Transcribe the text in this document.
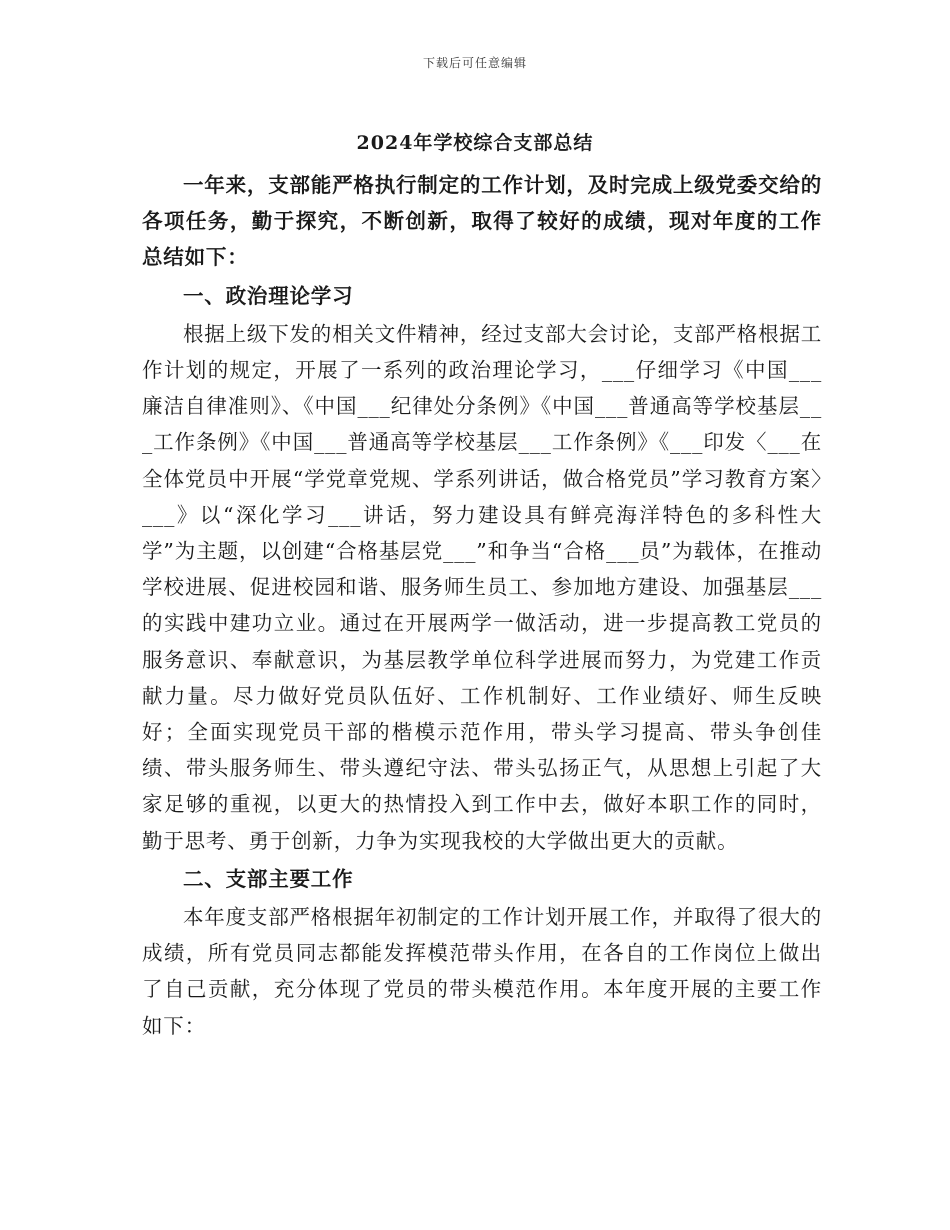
下载后可任意编辑
2024年学校综合支部总结

一年来，支部能严格执行制定的工作计划，及时完成上级党委交给的各项任务，勤于探究，不断创新，取得了较好的成绩，现对年度的工作总结如下：

一、政治理论学习

根据上级下发的相关文件精神，经过支部大会讨论，支部严格根据工作计划的规定，开展了一系列的政治理论学习，___仔细学习《中国___廉洁自律准则》、《中国___纪律处分条例》《中国___普通高等学校基层___工作条例》《中国___普通高等学校基层___工作条例》《___印发〈___在全体党员中开展“学党章党规、学系列讲话，做合格党员”学习教育方案〉___》以“深化学习___讲话，努力建设具有鲜亮海洋特色的多科性大学”为主题，以创建“合格基层党___”和争当“合格___员”为载体，在推动学校进展、促进校园和谐、服务师生员工、参加地方建设、加强基层___的实践中建功立业。通过在开展两学一做活动，进一步提高教工党员的服务意识、奉献意识，为基层教学单位科学进展而努力，为党建工作贡献力量。尽力做好党员队伍好、工作机制好、工作业绩好、师生反映好；全面实现党员干部的楷模示范作用，带头学习提高、带头争创佳绩、带头服务师生、带头遵纪守法、带头弘扬正气，从思想上引起了大家足够的重视，以更大的热情投入到工作中去，做好本职工作的同时，勤于思考、勇于创新，力争为实现我校的大学做出更大的贡献。

二、支部主要工作

本年度支部严格根据年初制定的工作计划开展工作，并取得了很大的成绩，所有党员同志都能发挥模范带头作用，在各自的工作岗位上做出了自己贡献，充分体现了党员的带头模范作用。本年度开展的主要工作如下：
